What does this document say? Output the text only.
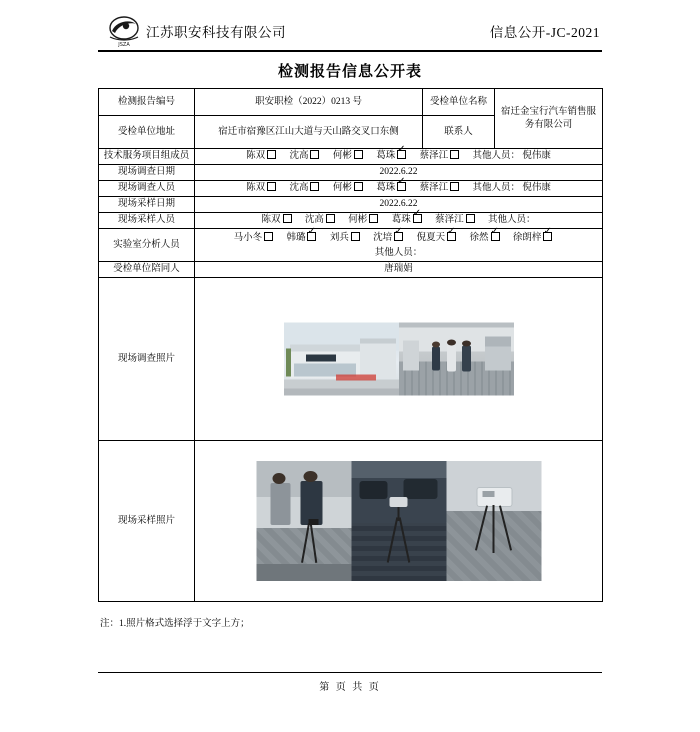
JSZA
江苏职安科技有限公司	信息公开-JC-2021
检测报告信息公开表
检测报告编号	职安职检（2022）0213 号	受检单位名称	宿迁金宝行汽车销售服务有限公司
受检单位地址	宿迁市宿豫区江山大道与天山路交叉口东侧	联系人	
技术服务项目组成员	陈双 沈高 何彬 葛珠 ✓ 蔡泽江 其他人员： 倪伟康
现场调查日期	2022.6.22		
现场调查人员	陈双 沈高 何彬 葛珠 ✓ 蔡泽江 其他人员： 倪伟康
现场采样日期	2022.6.22		
现场采样人员	陈双 沈高 何彬 葛珠 ✓ 蔡泽江 其他人员：
实验室分析人员	马小冬 韩璐 ✓ 刘兵 沈培 ✓ 倪夏天 ✓ 徐然 ✓ 徐朗梓✓
其他人员：

受检单位陪同人	唐瑞娟		
现场调查照片			

现场采样照片			
注：1.照片格式选择浮于文字上方；
第 页 共 页
